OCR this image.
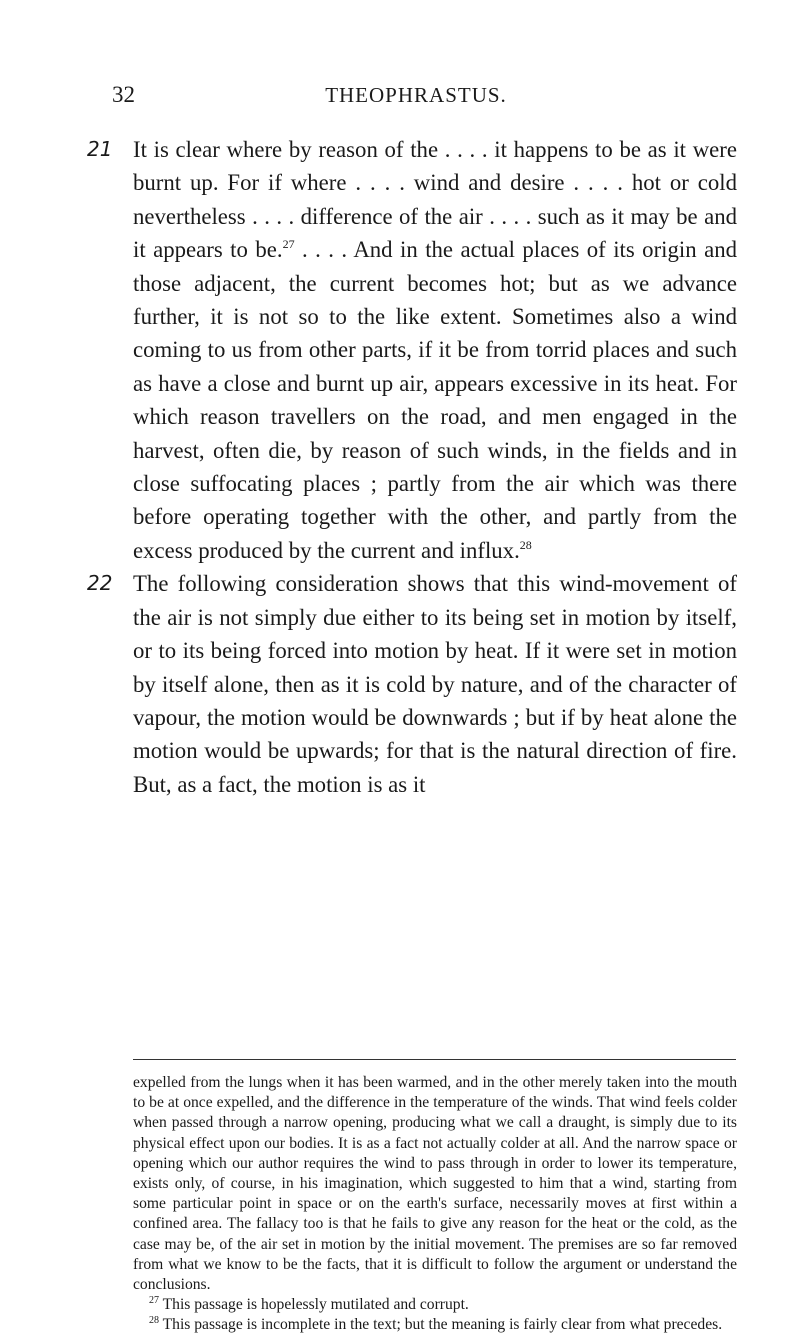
32	THEOPHRASTUS.

21 It is clear where by reason of the . . . . it happens to be as it were burnt up. For if where . . . . wind and desire . . . . hot or cold nevertheless . . . . difference of the air . . . . such as it may be and it appears to be.$^{27}$ . . . . And in the actual places of its origin and those adjacent, the current becomes hot; but as we advance further, it is not so to the like extent. Sometimes also a wind coming to us from other parts, if it be from torrid places and such as have a close and burnt up air, appears excessive in its heat. For which reason travellers on the road, and men engaged in the harvest, often die, by reason of such winds, in the fields and in close suffocating places ; partly from the air which was there before operating together with the other, and partly from the excess produced by the current and influx.$^{28}$

22 The following consideration shows that this wind-movement of the air is not simply due either to its being set in motion by itself, or to its being forced into motion by heat. If it were set in motion by itself alone, then as it is cold by nature, and of the character of vapour, the motion would be downwards ; but if by heat alone the motion would be upwards; for that is the natural direction of fire. But, as a fact, the motion is as it

expelled from the lungs when it has been warmed, and in the other merely taken into the mouth to be at once expelled, and the difference in the temperature of the winds. That wind feels colder when passed through a narrow opening, producing what we call a draught, is simply due to its physical effect upon our bodies. It is as a fact not actually colder at all. And the narrow space or opening which our author requires the wind to pass through in order to lower its temperature, exists only, of course, in his imagination, which suggested to him that a wind, starting from some particular point in space or on the earth's surface, necessarily moves at first within a confined area. The fallacy too is that he fails to give any reason for the heat or the cold, as the case may be, of the air set in motion by the initial movement. The premises are so far removed from what we know to be the facts, that it is difficult to follow the argument or understand the conclusions.

$^{27}$ This passage is hopelessly mutilated and corrupt.

$^{28}$ This passage is incomplete in the text; but the meaning is fairly clear from what precedes.
